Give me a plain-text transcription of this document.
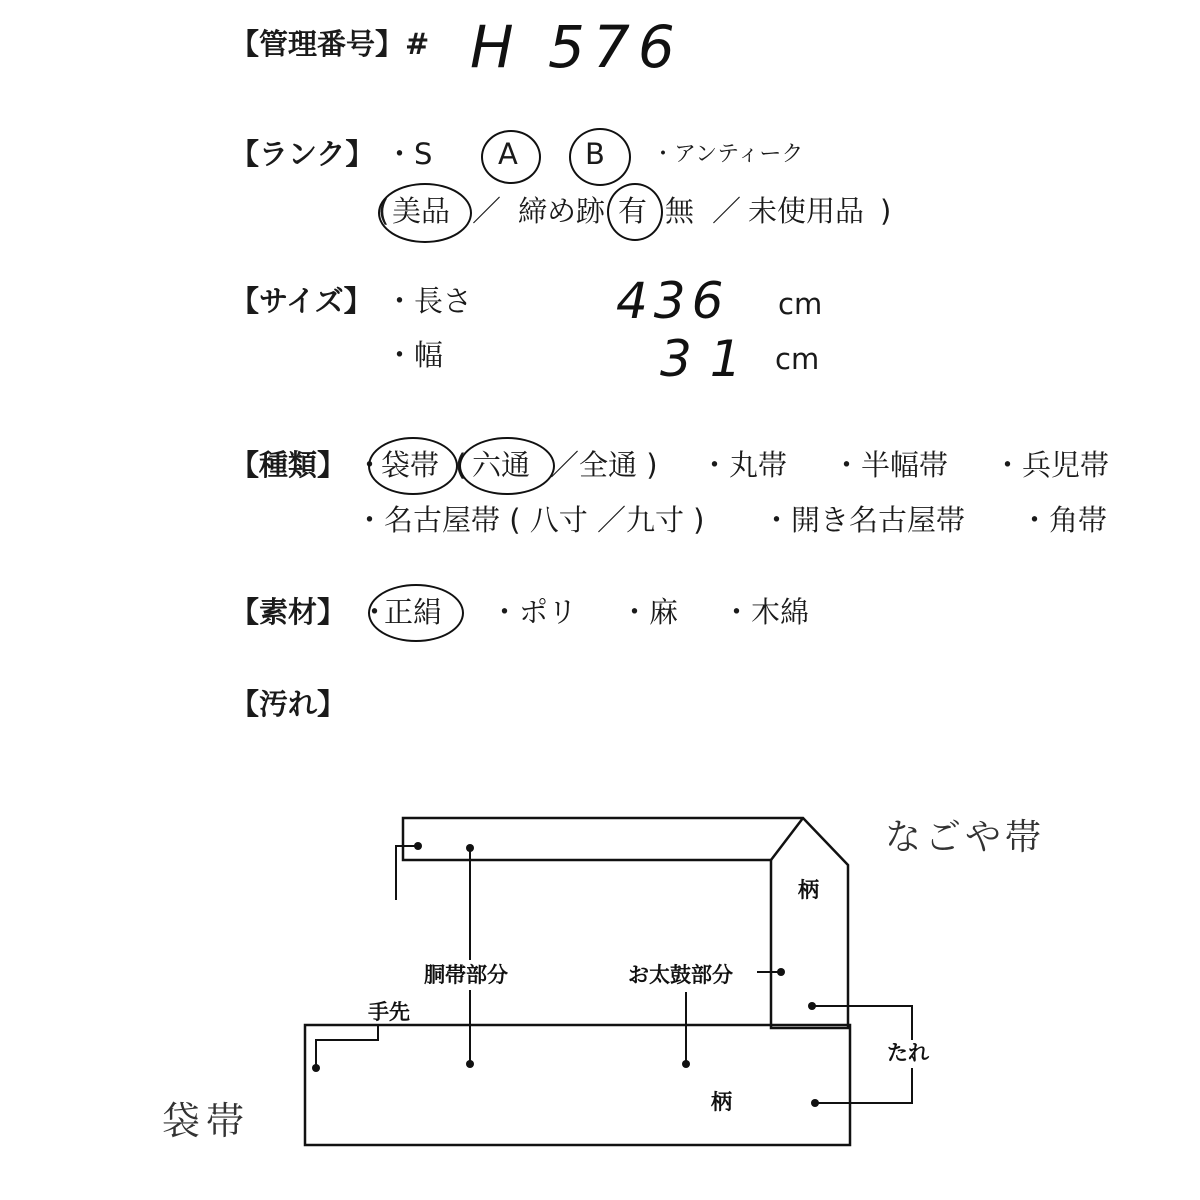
【管理番号】 # H 576
【ランク】 ・S A B ・アンティーク
( 美品 ／ 締め跡 有 無 ／ 未使用品 )
【サイズ】 ・長さ	436 cm
・幅	31 cm
【種類】 ・
袋帯 ( 六通 ／全通 ) ・丸帯 ・半幅帯 ・兵児帯
・名古屋帯 ( 八寸 ／九寸 ) ・開き名古屋帯 ・角帯
【素材】 ・
正絹 ・ポリ ・麻 ・木綿
【汚れ】
なごや帯
袋帯
柄
柄
胴帯部分	お太鼓部分
手先
たれ
